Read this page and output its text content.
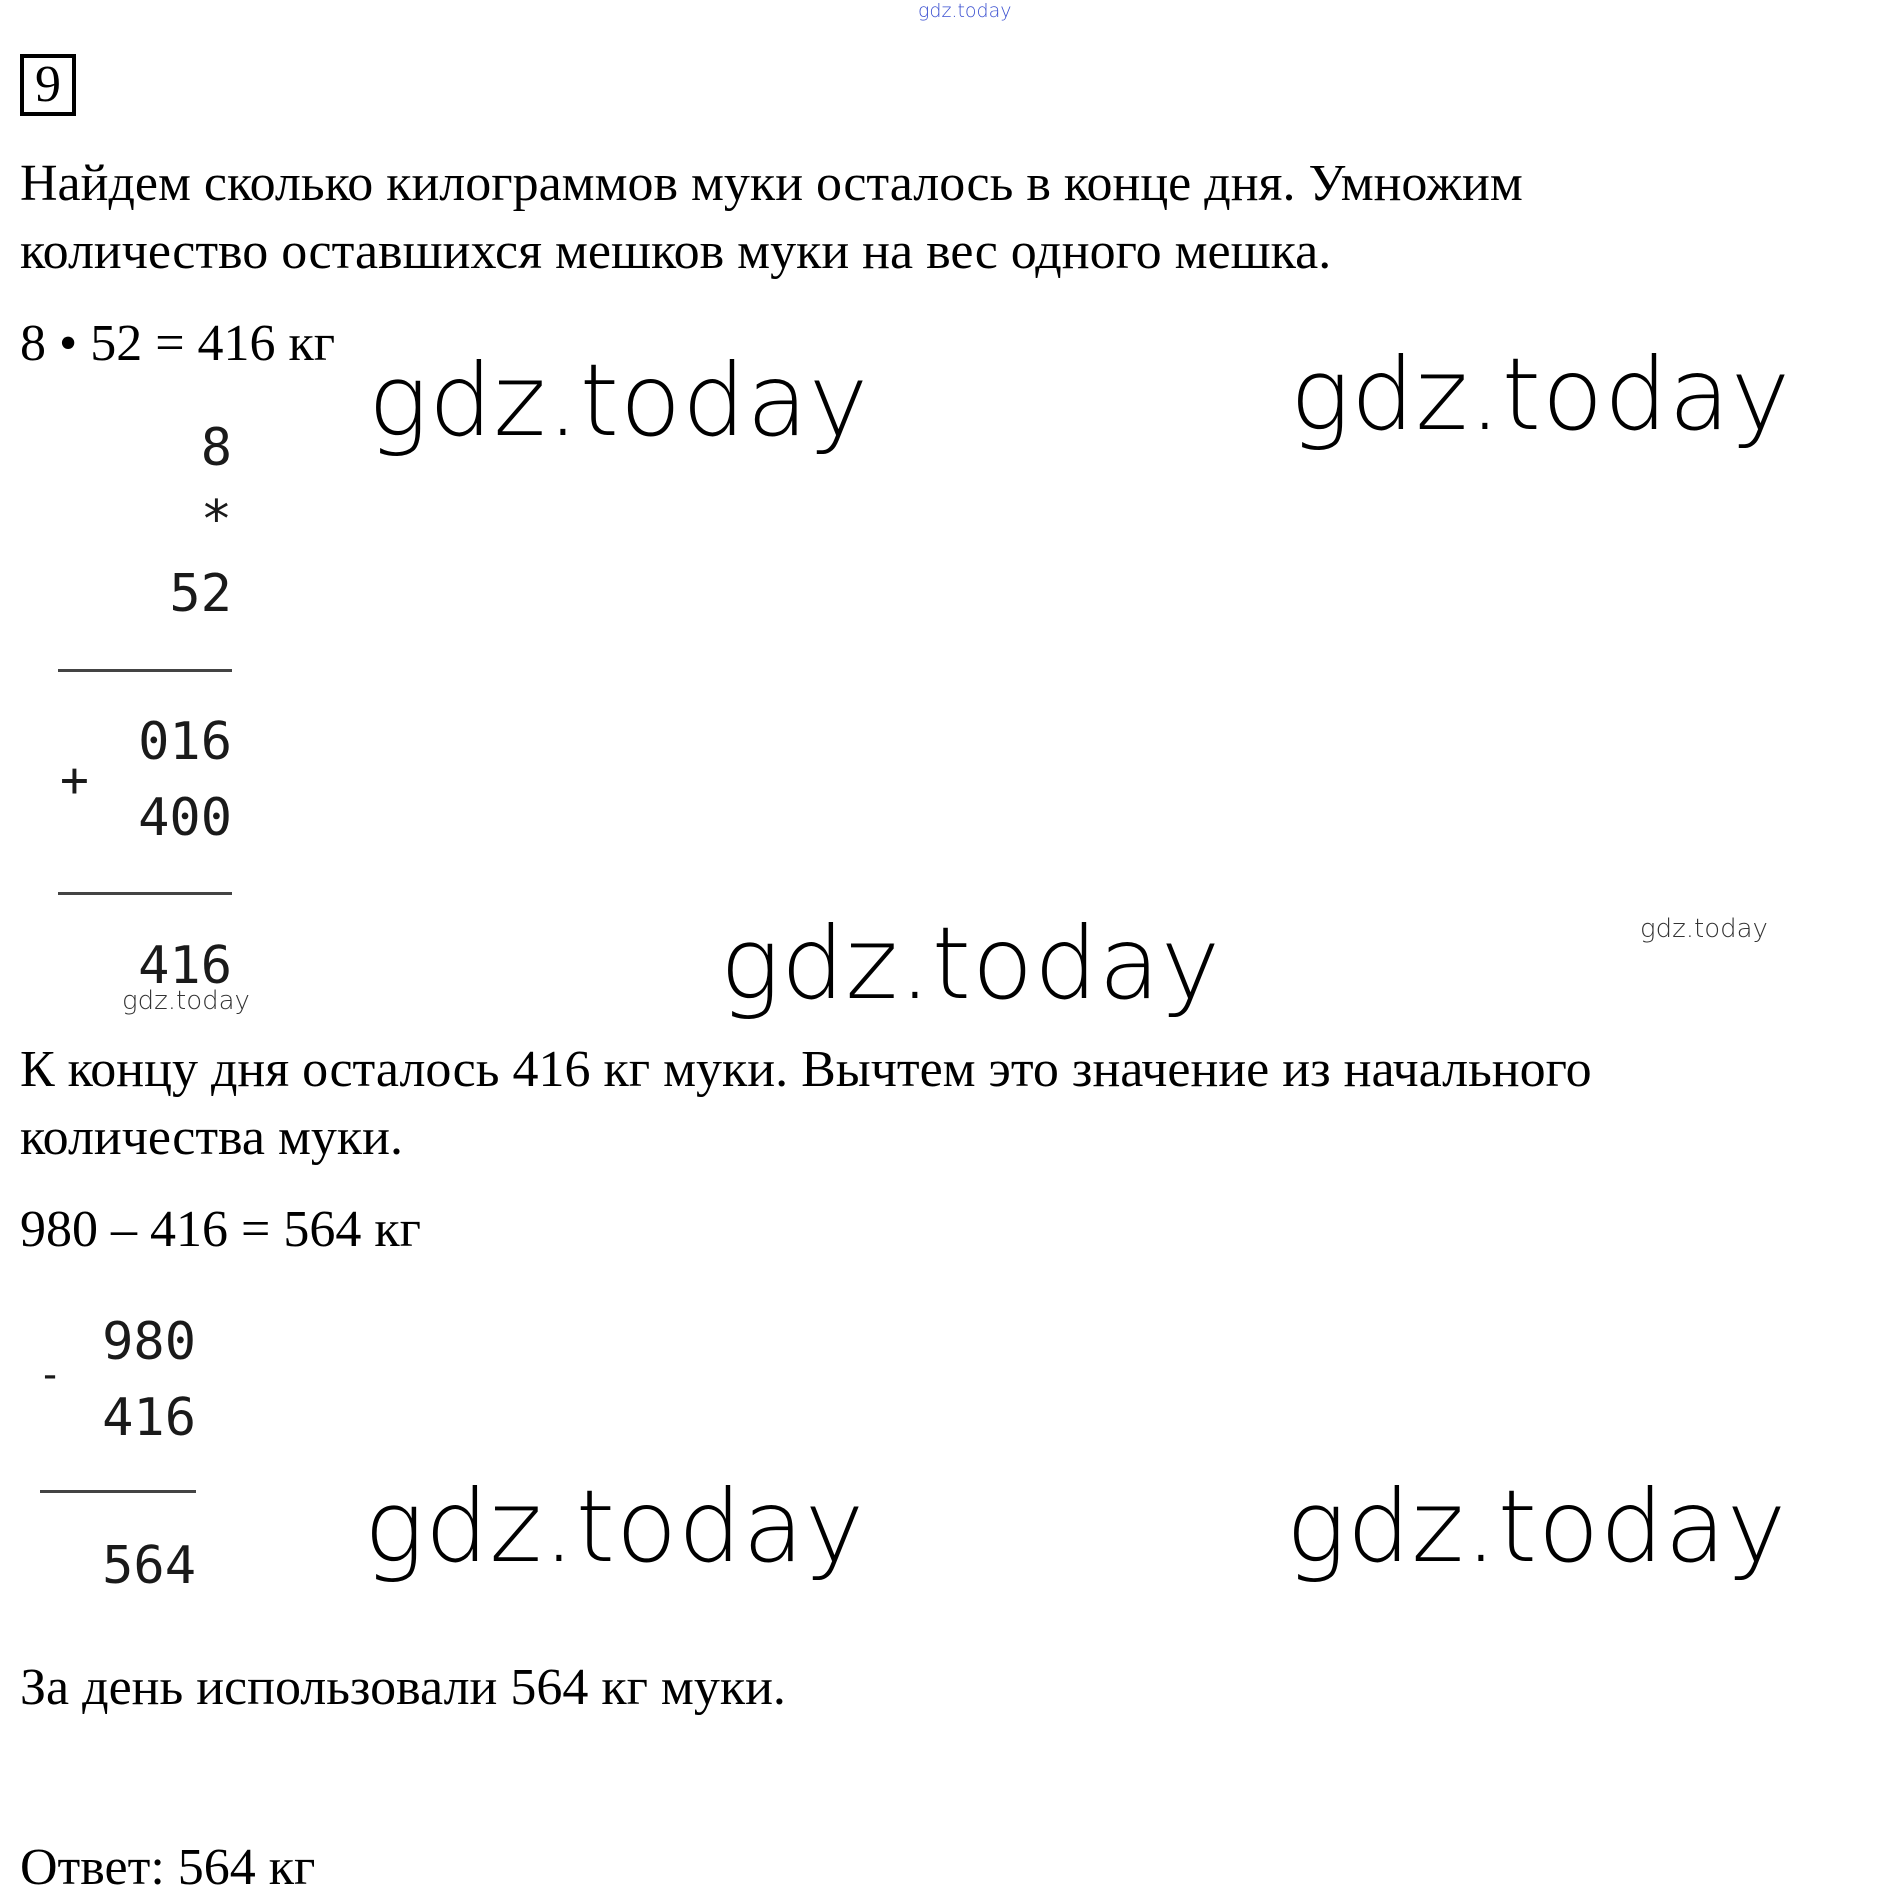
gdz.today
9
Найдем сколько килограммов муки осталось в конце дня. Умножим
количество оставшихся мешков муки на вес одного мешка.
8 • 52 = 416 кг
8
*
52
016
+
400
416
К концу дня осталось 416 кг муки. Вычтем это значение из начального
количества муки.
980 – 416 = 564 кг
-
980
416
564
За день использовали 564 кг муки.
Ответ: 564 кг
gdz.today	gdz.today
gdz.today	gdz.today
gdz.today
gdz.today	gdz.today
